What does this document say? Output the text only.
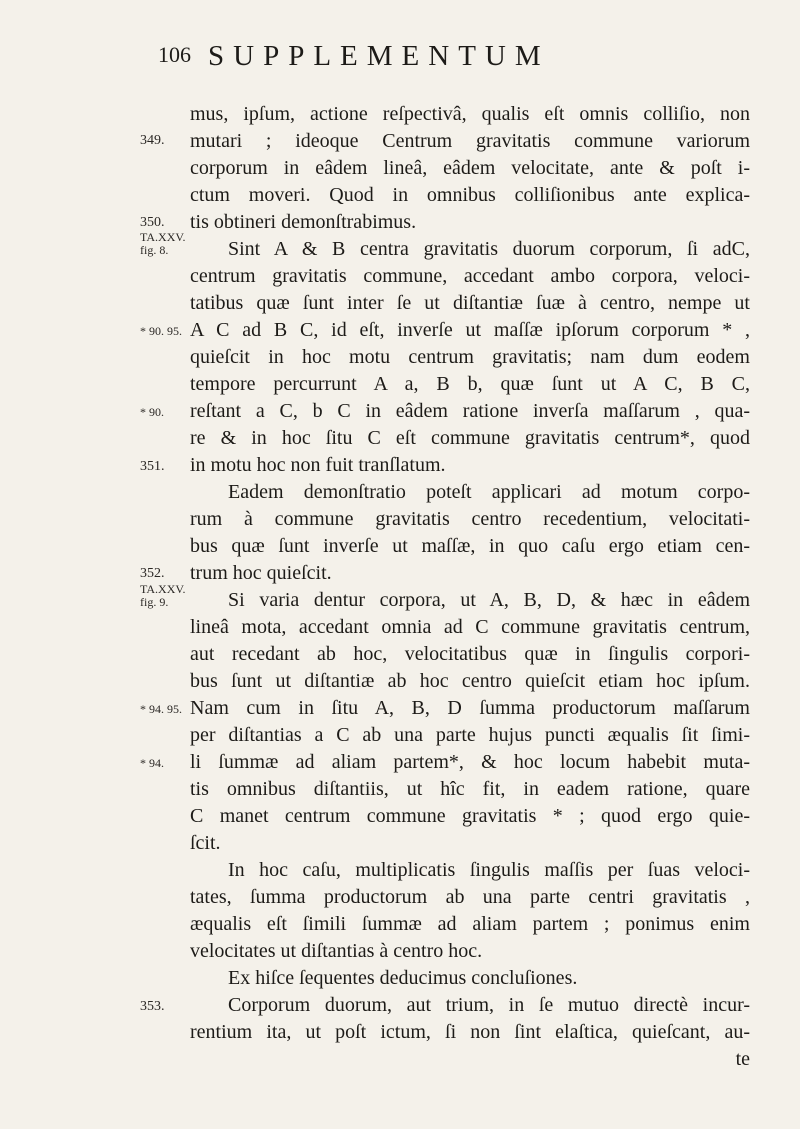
106 SUPPLEMENTUM
349.
350.
TA.XXV.
fig. 8.
* 90. 95.
* 90.
351.
352.
TA.XXV.
fig. 9.
* 94. 95.
* 94.
353.
mus, ipſum, actione reſpectivâ, qualis eſt omnis colliſio, non
mutari ; ideoque Centrum gravitatis commune variorum
corporum in eâdem lineâ, eâdem velocitate, ante & poſt i-
ctum moveri. Quod in omnibus colliſionibus ante explica-
tis obtineri demonſtrabimus.
Sint A & B centra gravitatis duorum corporum, ſi adC,
centrum gravitatis commune, accedant ambo corpora, veloci-
tatibus quæ ſunt inter ſe ut diſtantiæ ſuæ à centro, nempe ut
A C ad B C, id eſt, inverſe ut maſſæ ipſorum corporum * ,
quieſcit in hoc motu centrum gravitatis; nam dum eodem
tempore percurrunt A a, B b, quæ ſunt ut A C, B C,
reſtant a C, b C in eâdem ratione inverſa maſſarum , qua-
re & in hoc ſitu C eſt commune gravitatis centrum*, quod
in motu hoc non fuit tranſlatum.
Eadem demonſtratio poteſt applicari ad motum corpo-
rum à commune gravitatis centro recedentium, velocitati-
bus quæ ſunt inverſe ut maſſæ, in quo caſu ergo etiam cen-
trum hoc quieſcit.
Si varia dentur corpora, ut A, B, D, & hæc in eâdem
lineâ mota, accedant omnia ad C commune gravitatis centrum,
aut recedant ab hoc, velocitatibus quæ in ſingulis corpori-
bus ſunt ut diſtantiæ ab hoc centro quieſcit etiam hoc ipſum.
Nam cum in ſitu A, B, D ſumma productorum maſſarum
per diſtantias a C ab una parte hujus puncti æqualis ſit ſimi-
li ſummæ ad aliam partem*, & hoc locum habebit muta-
tis omnibus diſtantiis, ut hîc fit, in eadem ratione, quare
C manet centrum commune gravitatis * ; quod ergo quie-
ſcit.
In hoc caſu, multiplicatis ſingulis maſſis per ſuas veloci-
tates, ſumma productorum ab una parte centri gravitatis ,
æqualis eſt ſimili ſummæ ad aliam partem ; ponimus enim
velocitates ut diſtantias à centro hoc.
Ex hiſce ſequentes deducimus concluſiones.
Corporum duorum, aut trium, in ſe mutuo directè incur-
rentium ita, ut poſt ictum, ſi non ſint elaſtica, quieſcant, au-
te
